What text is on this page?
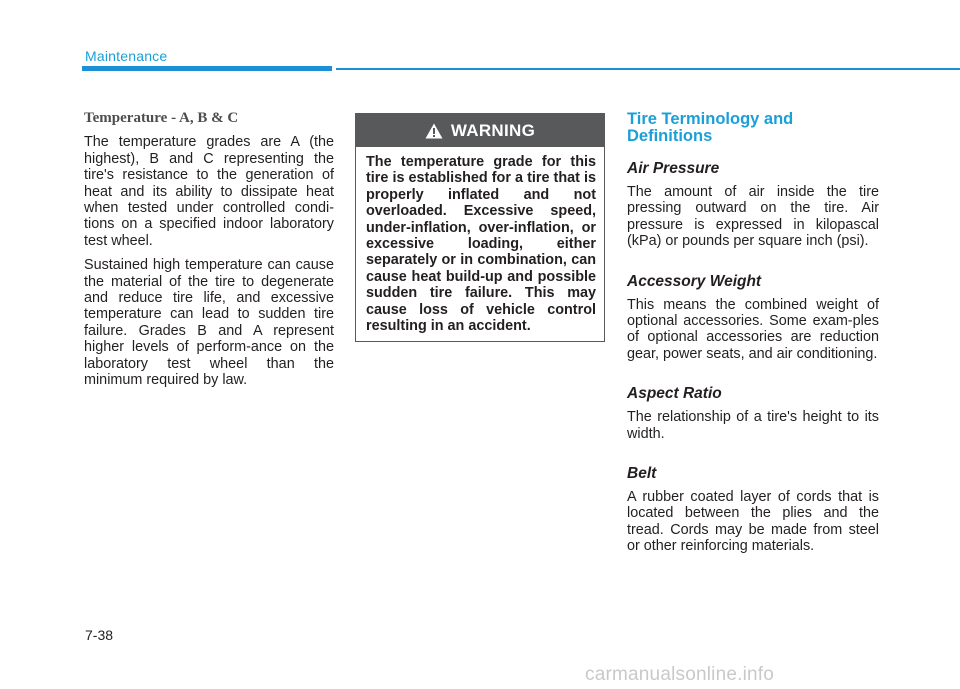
Maintenance
Temperature - A, B & C

The temperature grades are A (the highest), B and C representing the tire's resistance to the generation of heat and its ability to dissipate heat when tested under controlled condi-tions on a specified indoor laboratory test wheel.

Sustained high temperature can cause the material of the tire to degenerate and reduce tire life, and excessive temperature can lead to sudden tire failure. Grades B and A represent higher levels of perform-ance on the laboratory test wheel than the minimum required by law.

WARNING
The temperature grade for this tire is established for a tire that is properly inflated and not overloaded. Excessive speed, under-inflation, over-inflation, or excessive loading, either separately or in combination, can cause heat build-up and possible sudden tire failure. This may cause loss of vehicle control resulting in an accident.
Tire Terminology and
Definitions
Air Pressure

The amount of air inside the tire pressing outward on the tire. Air pressure is expressed in kilopascal (kPa) or pounds per square inch (psi).

Accessory Weight

This means the combined weight of optional accessories. Some exam-ples of optional accessories are reduction gear, power seats, and air conditioning.

Aspect Ratio

The relationship of a tire's height to its width.

Belt

A rubber coated layer of cords that is located between the plies and the tread. Cords may be made from steel or other reinforcing materials.

7-38
carmanualsonline.info
